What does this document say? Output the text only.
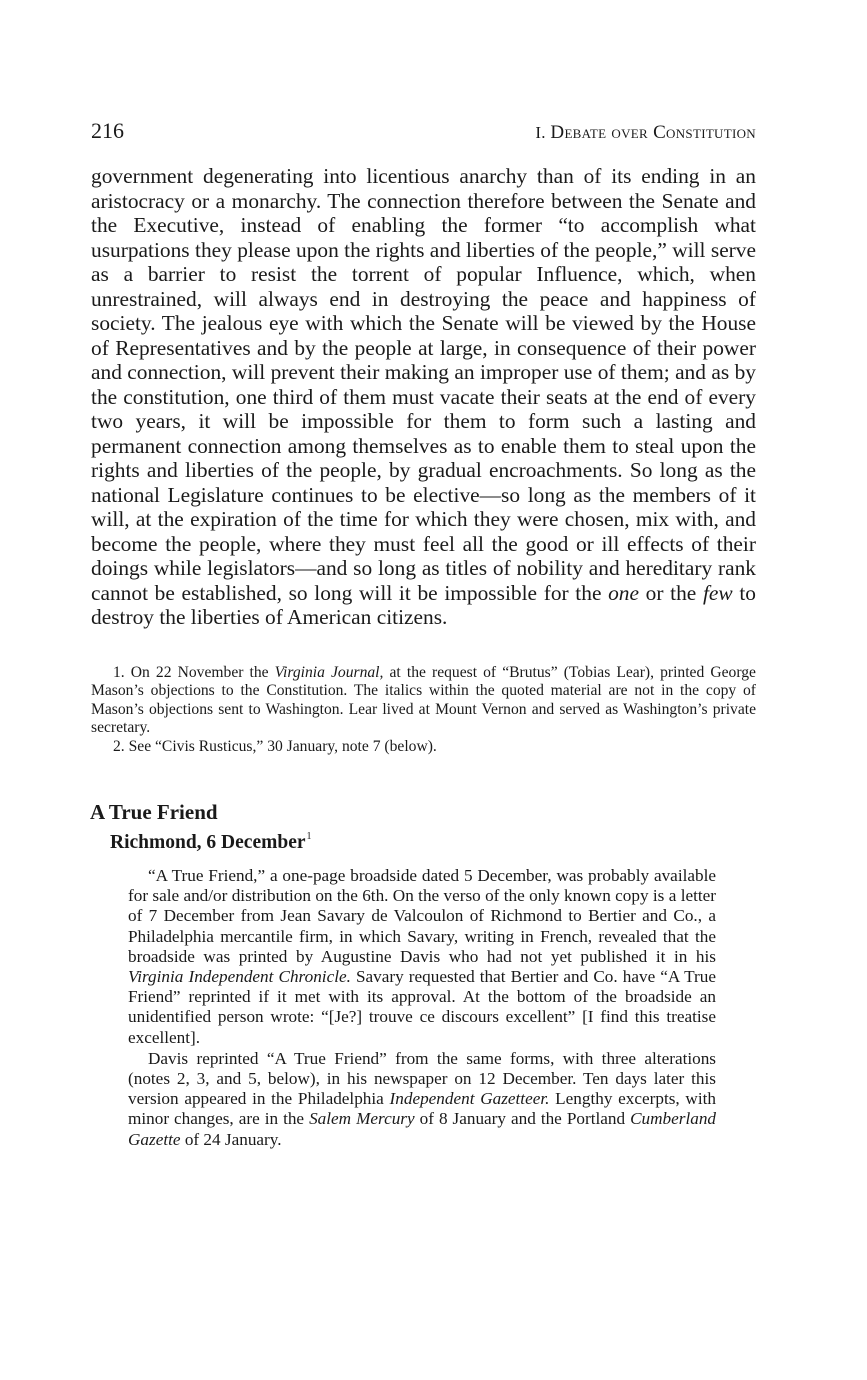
216	I. Debate over Constitution

government degenerating into licentious anarchy than of its ending in an aristocracy or a monarchy. The connection therefore between the Senate and the Executive, instead of enabling the former “to accomplish what usurpations they please upon the rights and liberties of the people,” will serve as a barrier to resist the torrent of popular Influence, which, when unrestrained, will always end in destroying the peace and happiness of society. The jealous eye with which the Senate will be viewed by the House of Representatives and by the people at large, in consequence of their power and connection, will prevent their making an improper use of them; and as by the constitution, one third of them must vacate their seats at the end of every two years, it will be impossible for them to form such a lasting and permanent connection among themselves as to enable them to steal upon the rights and liberties of the people, by gradual encroachments. So long as the national Legislature continues to be elective—so long as the members of it will, at the expiration of the time for which they were chosen, mix with, and become the people, where they must feel all the good or ill effects of their doings while legislators—and so long as titles of nobility and hereditary rank cannot be established, so long will it be impossible for the one or the few to destroy the liberties of American citizens.

1. On 22 November the Virginia Journal, at the request of “Brutus” (Tobias Lear), printed George Mason’s objections to the Constitution. The italics within the quoted material are not in the copy of Mason’s objections sent to Washington. Lear lived at Mount Vernon and served as Washington’s private secretary.

2. See “Civis Rusticus,” 30 January, note 7 (below).

A True Friend
Richmond, 6 December$^1$

“A True Friend,” a one-page broadside dated 5 December, was probably available for sale and/or distribution on the 6th. On the verso of the only known copy is a letter of 7 December from Jean Savary de Valcoulon of Richmond to Bertier and Co., a Philadelphia mercantile firm, in which Savary, writing in French, revealed that the broadside was printed by Augustine Davis who had not yet published it in his Virginia Independent Chronicle. Savary requested that Bertier and Co. have “A True Friend” reprinted if it met with its approval. At the bottom of the broadside an unidentified person wrote: “[Je?] trouve ce discours excellent” [I find this treatise excellent].

Davis reprinted “A True Friend” from the same forms, with three alterations (notes 2, 3, and 5, below), in his newspaper on 12 December. Ten days later this version appeared in the Philadelphia Independent Gazetteer. Lengthy excerpts, with minor changes, are in the Salem Mercury of 8 January and the Portland Cumberland Gazette of 24 January.
